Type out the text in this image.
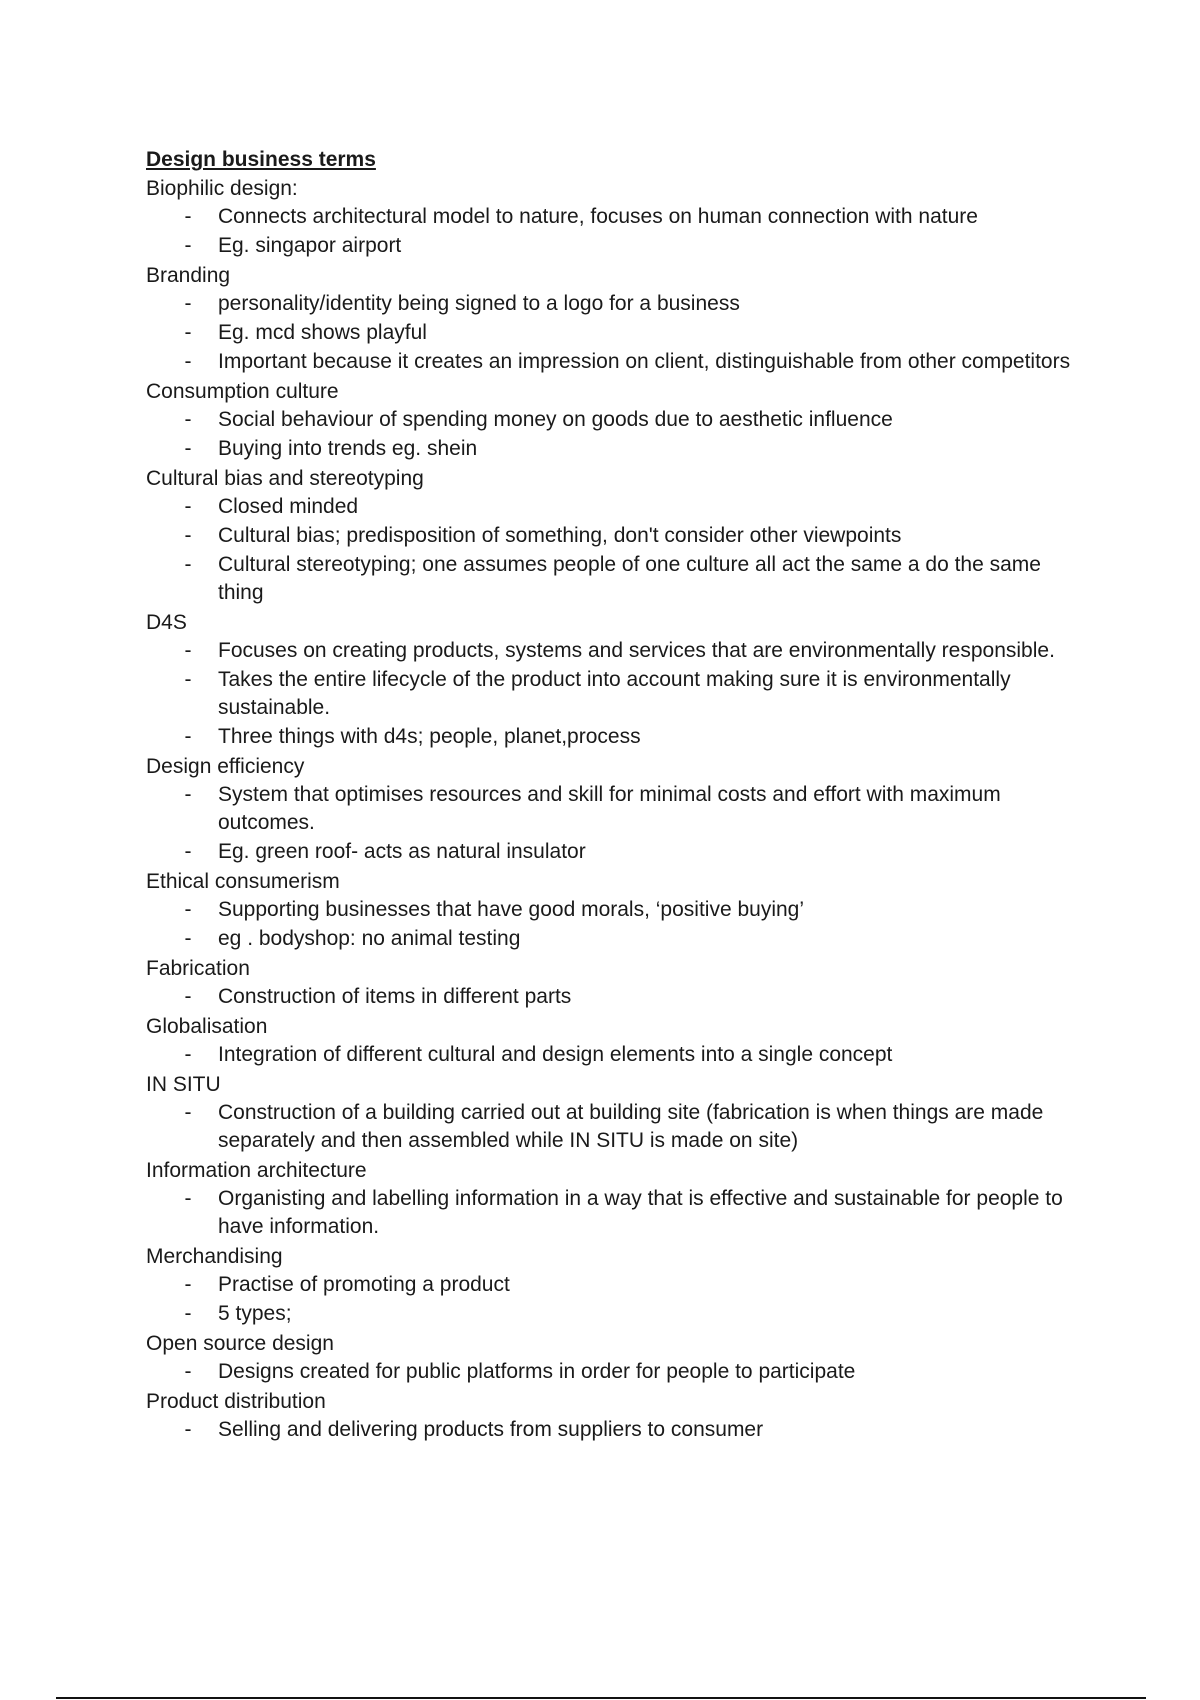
Design business terms

Biophilic design:

- Connects architectural model to nature, focuses on human connection with nature
- Eg. singapor airport

Branding

- personality/identity being signed to a logo for a business
- Eg. mcd shows playful
- Important because it creates an impression on client, distinguishable from other competitors

Consumption culture

- Social behaviour of spending money on goods due to aesthetic influence
- Buying into trends eg. shein

Cultural bias and stereotyping

- Closed minded
- Cultural bias; predisposition of something, don't consider other viewpoints
- Cultural stereotyping; one assumes people of one culture all act the same a do the same thing

D4S

- Focuses on creating products, systems and services that are environmentally responsible.
- Takes the entire lifecycle of the product into account making sure it is environmentally sustainable.
- Three things with d4s; people, planet,process

Design efficiency

- System that optimises resources and skill for minimal costs and effort with maximum outcomes.
- Eg. green roof- acts as natural insulator

Ethical consumerism

- Supporting businesses that have good morals, ‘positive buying’
- eg . bodyshop: no animal testing

Fabrication

- Construction of items in different parts

Globalisation

- Integration of different cultural and design elements into a single concept

IN SITU

- Construction of a building carried out at building site (fabrication is when things are made separately and then assembled while IN SITU is made on site)

Information architecture

- Organisting and labelling information in a way that is effective and sustainable for people to have information.

Merchandising

- Practise of promoting a product
- 5 types;

Open source design

- Designs created for public platforms in order for people to participate

Product distribution

- Selling and delivering products from suppliers to consumer
